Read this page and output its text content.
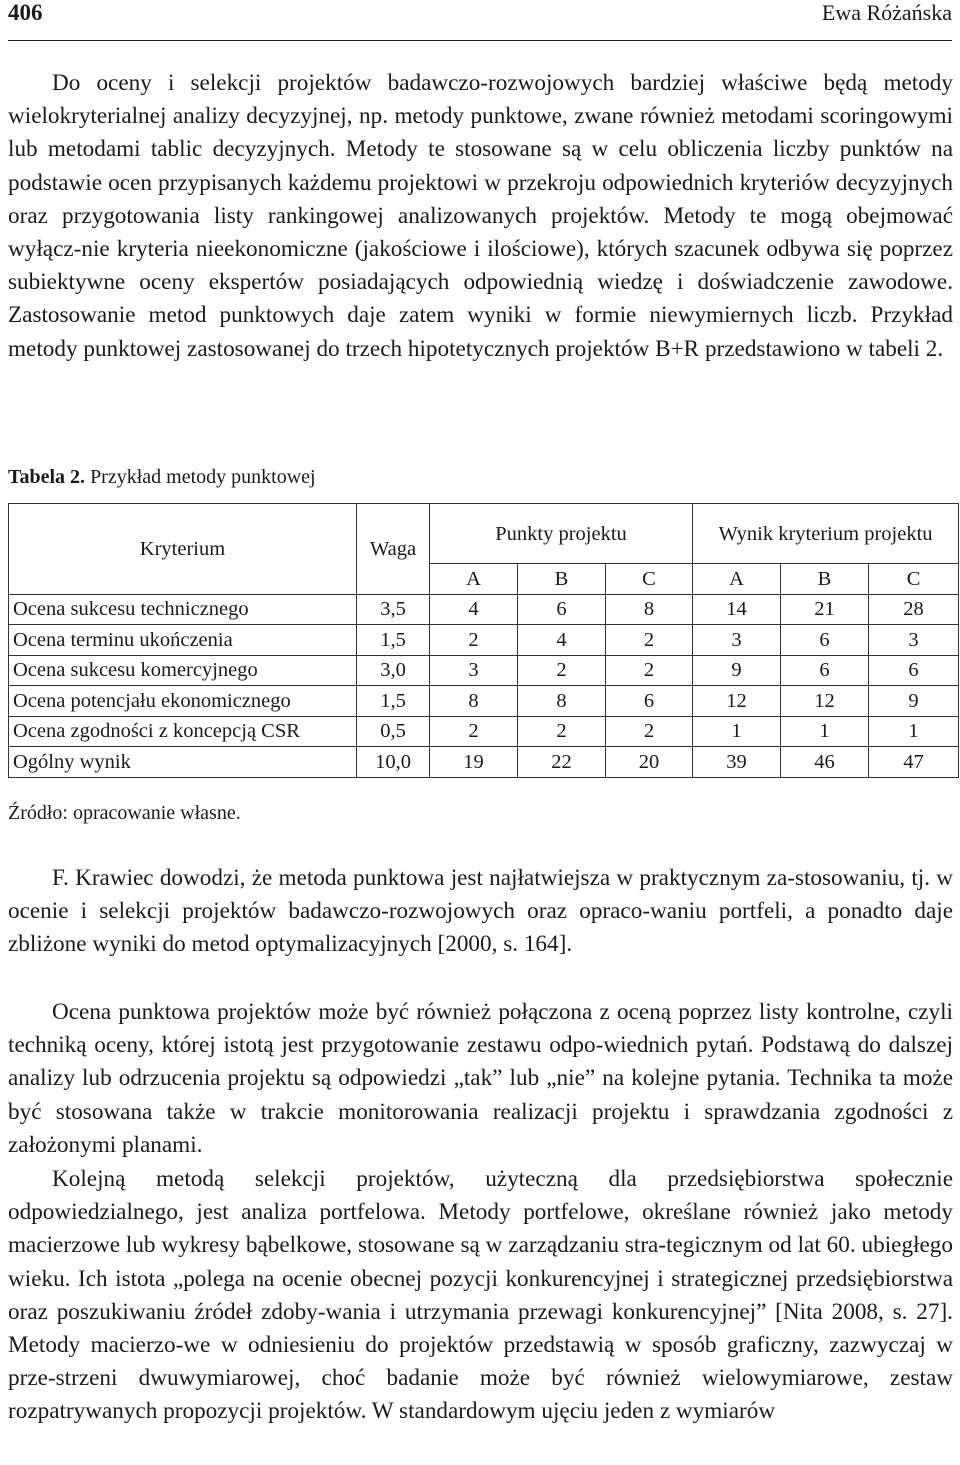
406	Ewa Różańska

Do oceny i selekcji projektów badawczo-rozwojowych bardziej właściwe będą metody wielokryterialnej analizy decyzyjnej, np. metody punktowe, zwane również metodami scoringowymi lub metodami tablic decyzyjnych. Metody te stosowane są w celu obliczenia liczby punktów na podstawie ocen przypisanych każdemu projektowi w przekroju odpowiednich kryteriów decyzyjnych oraz przygotowania listy rankingowej analizowanych projektów. Metody te mogą obejmować wyłącz-nie kryteria nieekonomiczne (jakościowe i ilościowe), których szacunek odbywa się poprzez subiektywne oceny ekspertów posiadających odpowiednią wiedzę i doświadczenie zawodowe. Zastosowanie metod punktowych daje zatem wyniki w formie niewymiernych liczb. Przykład metody punktowej zastosowanej do trzech hipotetycznych projektów B+R przedstawiono w tabeli 2.

Tabela 2. Przykład metody punktowej
Kryterium	Waga	Punkty projektu			Wynik kryterium projektu		
		A	B	C	A	B	C
Ocena sukcesu technicznego	3,5	4	6	8	14	21	28
Ocena terminu ukończenia	1,5	2	4	2	3	6	3
Ocena sukcesu komercyjnego	3,0	3	2	2	9	6	6
Ocena potencjału ekonomicznego	1,5	8	8	6	12	12	9
Ocena zgodności z koncepcją CSR	0,5	2	2	2	1	1	1
Ogólny wynik	10,0	19	22	20	39	46	47
Źródło: opracowanie własne.

F. Krawiec dowodzi, że metoda punktowa jest najłatwiejsza w praktycznym za-stosowaniu, tj. w ocenie i selekcji projektów badawczo-rozwojowych oraz opraco-waniu portfeli, a ponadto daje zbliżone wyniki do metod optymalizacyjnych [2000, s. 164].

Ocena punktowa projektów może być również połączona z oceną poprzez listy kontrolne, czyli techniką oceny, której istotą jest przygotowanie zestawu odpo-wiednich pytań. Podstawą do dalszej analizy lub odrzucenia projektu są odpowiedzi „tak” lub „nie” na kolejne pytania. Technika ta może być stosowana także w trakcie monitorowania realizacji projektu i sprawdzania zgodności z założonymi planami.

Kolejną metodą selekcji projektów, użyteczną dla przedsiębiorstwa społecznie odpowiedzialnego, jest analiza portfelowa. Metody portfelowe, określane również jako metody macierzowe lub wykresy bąbelkowe, stosowane są w zarządzaniu stra-tegicznym od lat 60. ubiegłego wieku. Ich istota „polega na ocenie obecnej pozycji konkurencyjnej i strategicznej przedsiębiorstwa oraz poszukiwaniu źródeł zdoby-wania i utrzymania przewagi konkurencyjnej” [Nita 2008, s. 27]. Metody macierzo-we w odniesieniu do projektów przedstawią w sposób graficzny, zazwyczaj w prze-strzeni dwuwymiarowej, choć badanie może być również wielowymiarowe, zestaw rozpatrywanych propozycji projektów. W standardowym ujęciu jeden z wymiarów
